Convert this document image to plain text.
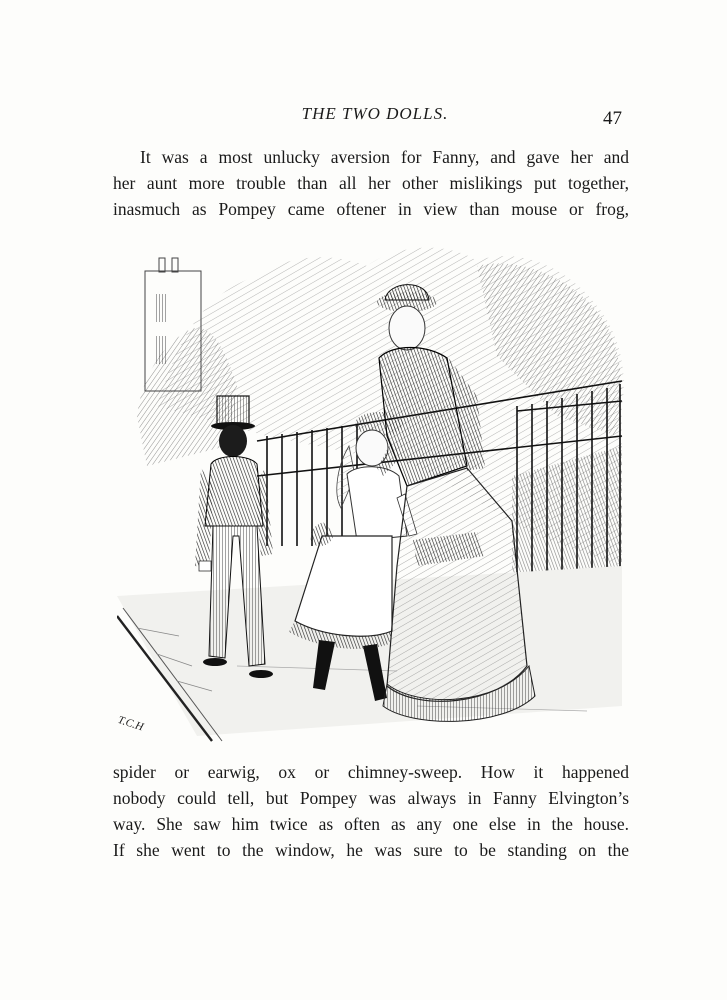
THE TWO DOLLS.	47

It was a most unlucky aversion for Fanny, and gave her and
her aunt more trouble than all her other mislikings put together,
inasmuch as Pompey came oftener in view than mouse or frog,

T.C.H

spider or earwig, ox or chimney-sweep. How it happened
nobody could tell, but Pompey was always in Fanny Elvington’s
way. She saw him twice as often as any one else in the house.
If she went to the window, he was sure to be standing on the
